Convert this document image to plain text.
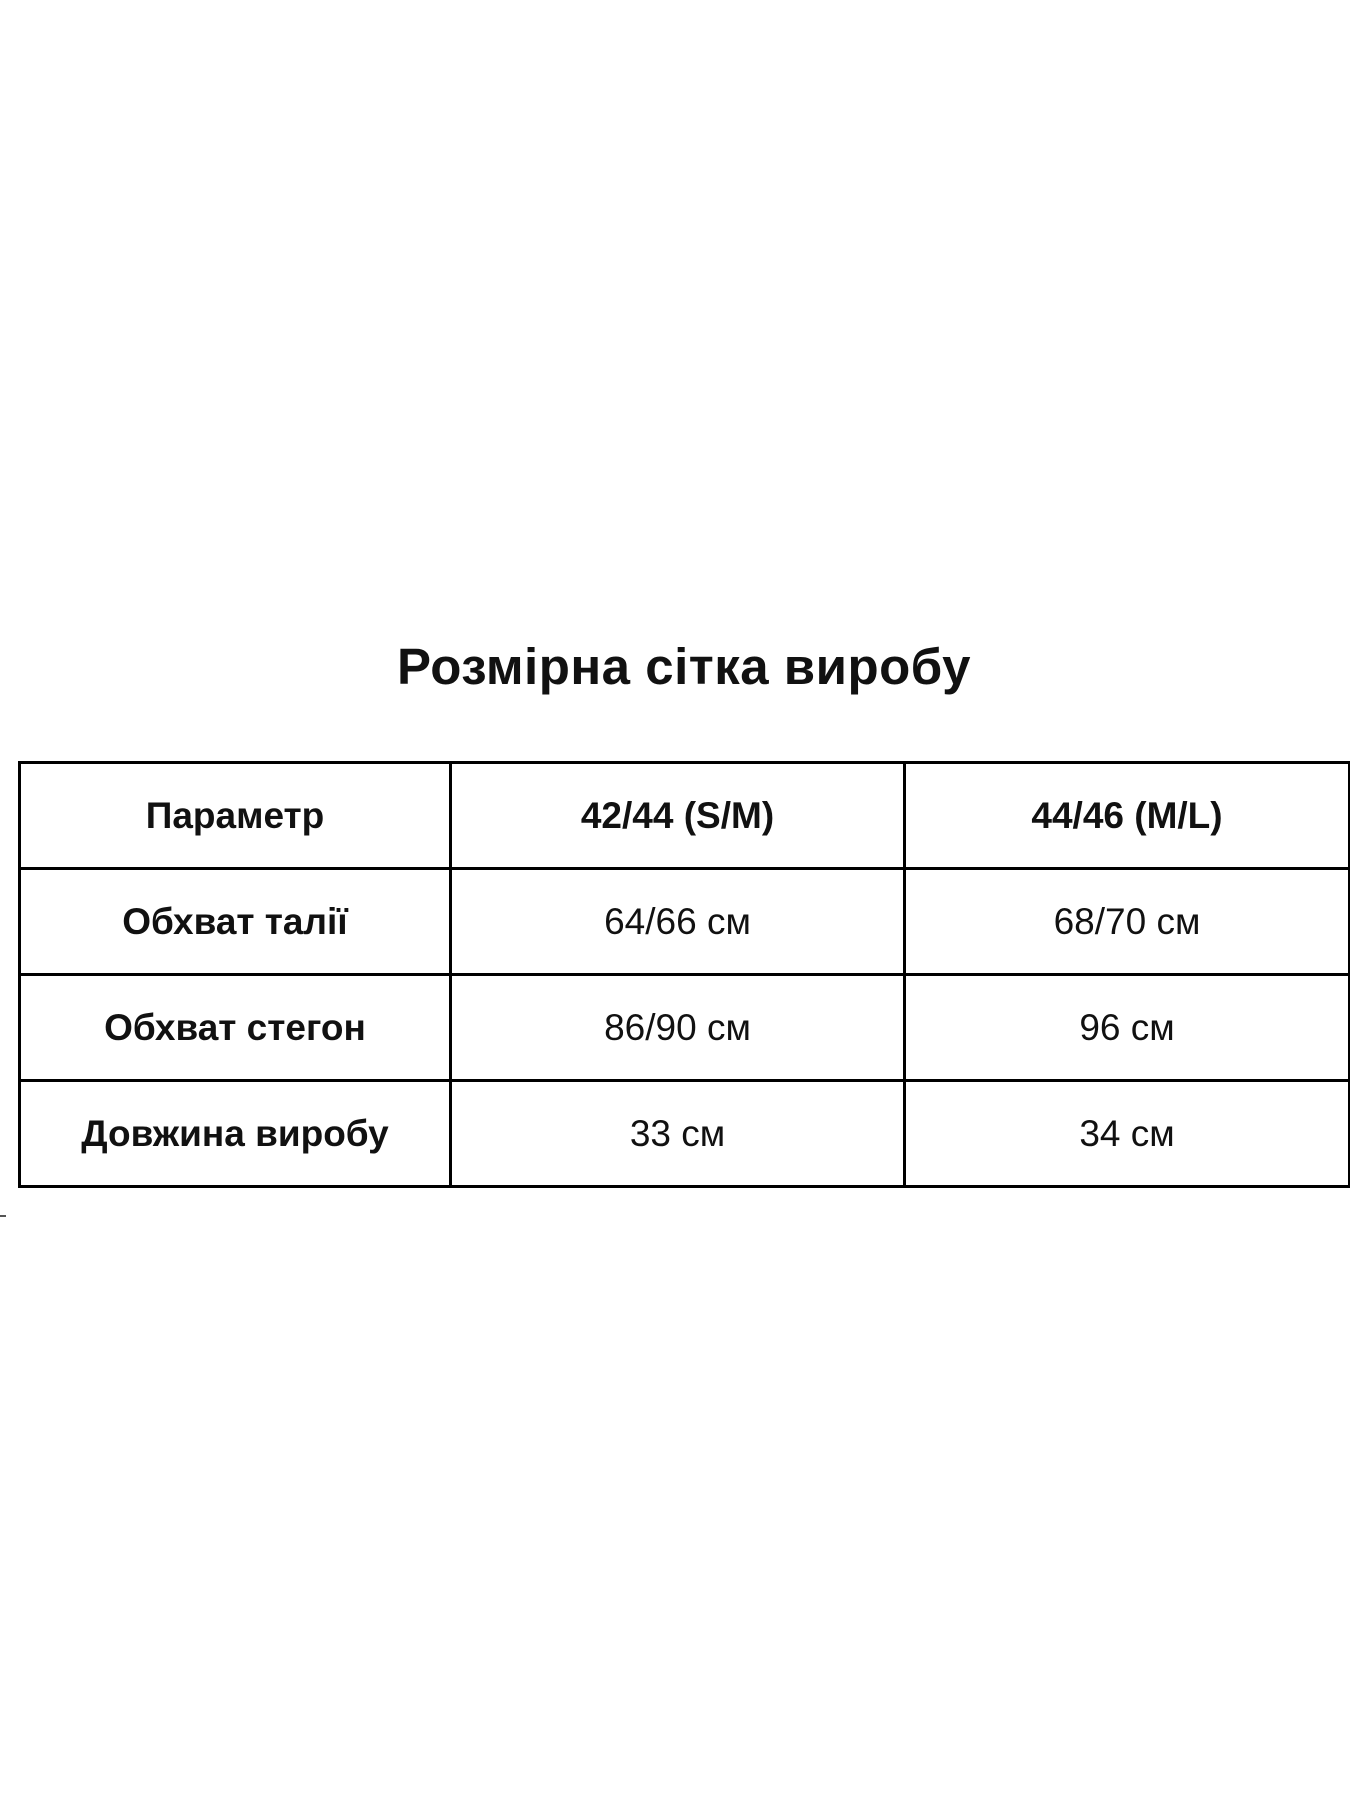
Розмірна сітка виробу
Параметр	42/44 (S/M)	44/46 (M/L)
Обхват талії	64/66 см	68/70 см
Обхват стегон	86/90 см	96 см
Довжина виробу	33 см	34 см
